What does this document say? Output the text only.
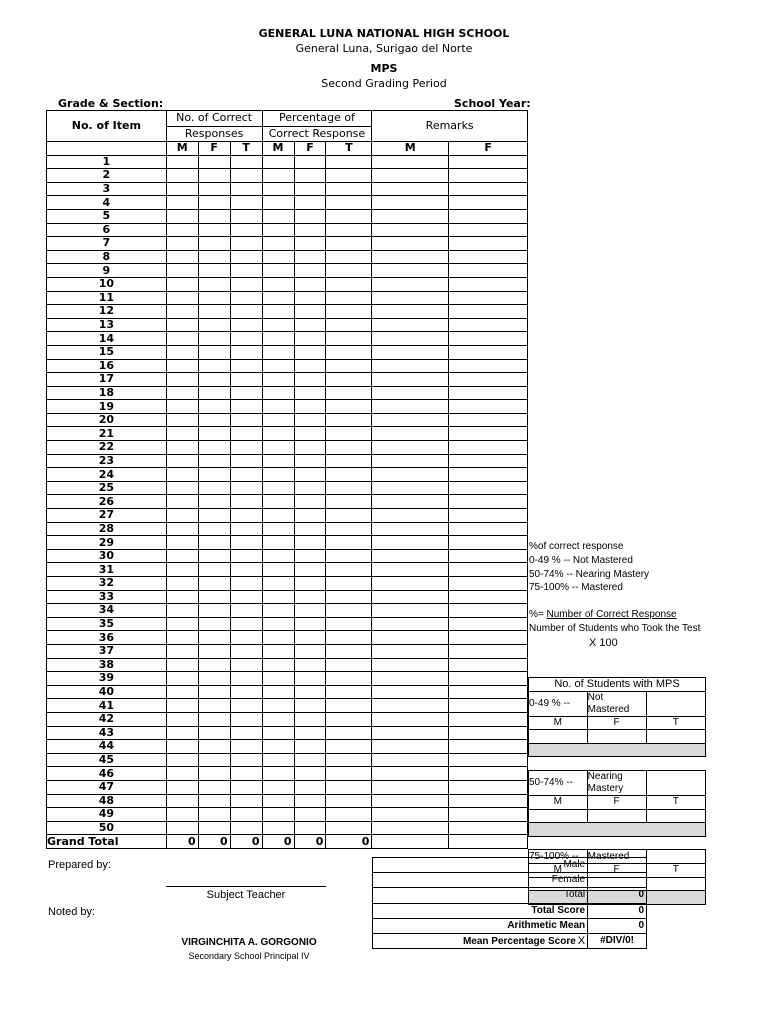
GENERAL LUNA NATIONAL HIGH SCHOOL
General Luna, Surigao del Norte
MPS
Second Grading Period
Grade & Section:	School Year:
No. of Item	No. of Correct			Percentage of			Remarks	
	Responses			Correct Response				
	M	F	T	M	F	T	M	F
1								
2								
3								
4								
5								
6								
7								
8								
9								
10								
11								
12								
13								
14								
15								
16								
17								
18								
19								
20								
21								
22								
23								
24								
25								
26								
27								
28								
29								
30								
31								
32								
33								
34								
35								
36								
37								
38								
39								
40								
41								
42								
43								
44								
45								
46								
47								
48								
49								
50								
Grand Total	0	0	0	0	0	0		
%of correct response
0-49 % -- Not Mastered
50-74% -- Nearing Mastery
75-100% -- Mastered
%= Number of Correct Response
Number of Students who Took the Test
X 100
No. of Students with MPS		
0-49 % --	Not Mastered	
M	F	T

50-74% --	Nearing Mastery	
M	F	T

75-100% --	Mastered	
M	F	T

Male	
Female	
Total	0
Total Score	0
Arithmetic Mean	0
Mean Percentage Score X	#DIV/0!
Prepared by:
Subject Teacher
Noted by:
VIRGINCHITA A. GORGONIO
Secondary School Principal IV
